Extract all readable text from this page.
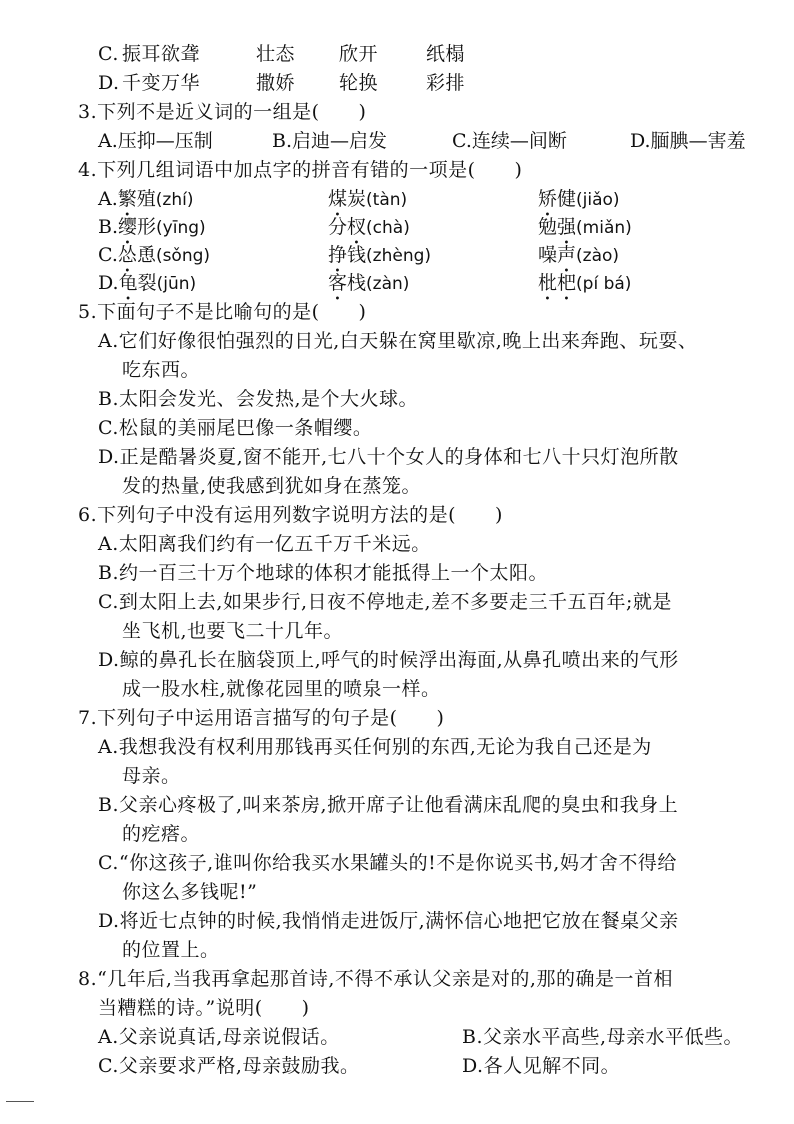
C. 振耳欲聋	壮态 欣开	纸榻
D. 千变万华	撒娇 轮换	彩排
3.下列不是近义词的一组是(　　)
A.压抑—压制	B.启迪—启发	C.连续—间断	D.腼腆—害羞
4.下列几组词语中加点字的拼音有错的一项是(　　)
A.繁殖(zhí)	煤炭(tàn)	矫健(jiǎo)
B.缨形(yīng)	分杈(chà)	勉强(miǎn)
C.怂恿(sǒng)	挣钱(zhèng)	噪声(zào)
D.龟裂(jūn)	客栈(zàn)	枇杷(pí bá)
5.下面句子不是比喻句的是(　　)
A.它们好像很怕强烈的日光,白天躲在窝里歇凉,晚上出来奔跑、玩耍、
吃东西。
B.太阳会发光、会发热,是个大火球。
C.松鼠的美丽尾巴像一条帽缨。
D.正是酷暑炎夏,窗不能开,七八十个女人的身体和七八十只灯泡所散
发的热量,使我感到犹如身在蒸笼。
6.下列句子中没有运用列数字说明方法的是(　　)
A.太阳离我们约有一亿五千万千米远。
B.约一百三十万个地球的体积才能抵得上一个太阳。
C.到太阳上去,如果步行,日夜不停地走,差不多要走三千五百年;就是
坐飞机,也要飞二十几年。
D.鲸的鼻孔长在脑袋顶上,呼气的时候浮出海面,从鼻孔喷出来的气形
成一股水柱,就像花园里的喷泉一样。
7.下列句子中运用语言描写的句子是(　　)
A.我想我没有权利用那钱再买任何别的东西,无论为我自己还是为
母亲。
B.父亲心疼极了,叫来茶房,掀开席子让他看满床乱爬的臭虫和我身上
的疙瘩。
C.“你这孩子,谁叫你给我买水果罐头的!不是你说买书,妈才舍不得给
你这么多钱呢!”
D.将近七点钟的时候,我悄悄走进饭厅,满怀信心地把它放在餐桌父亲
的位置上。
8.“几年后,当我再拿起那首诗,不得不承认父亲是对的,那的确是一首相
当糟糕的诗。”说明(　　)
A.父亲说真话,母亲说假话。	B.父亲水平高些,母亲水平低些。
C.父亲要求严格,母亲鼓励我。	D.各人见解不同。
